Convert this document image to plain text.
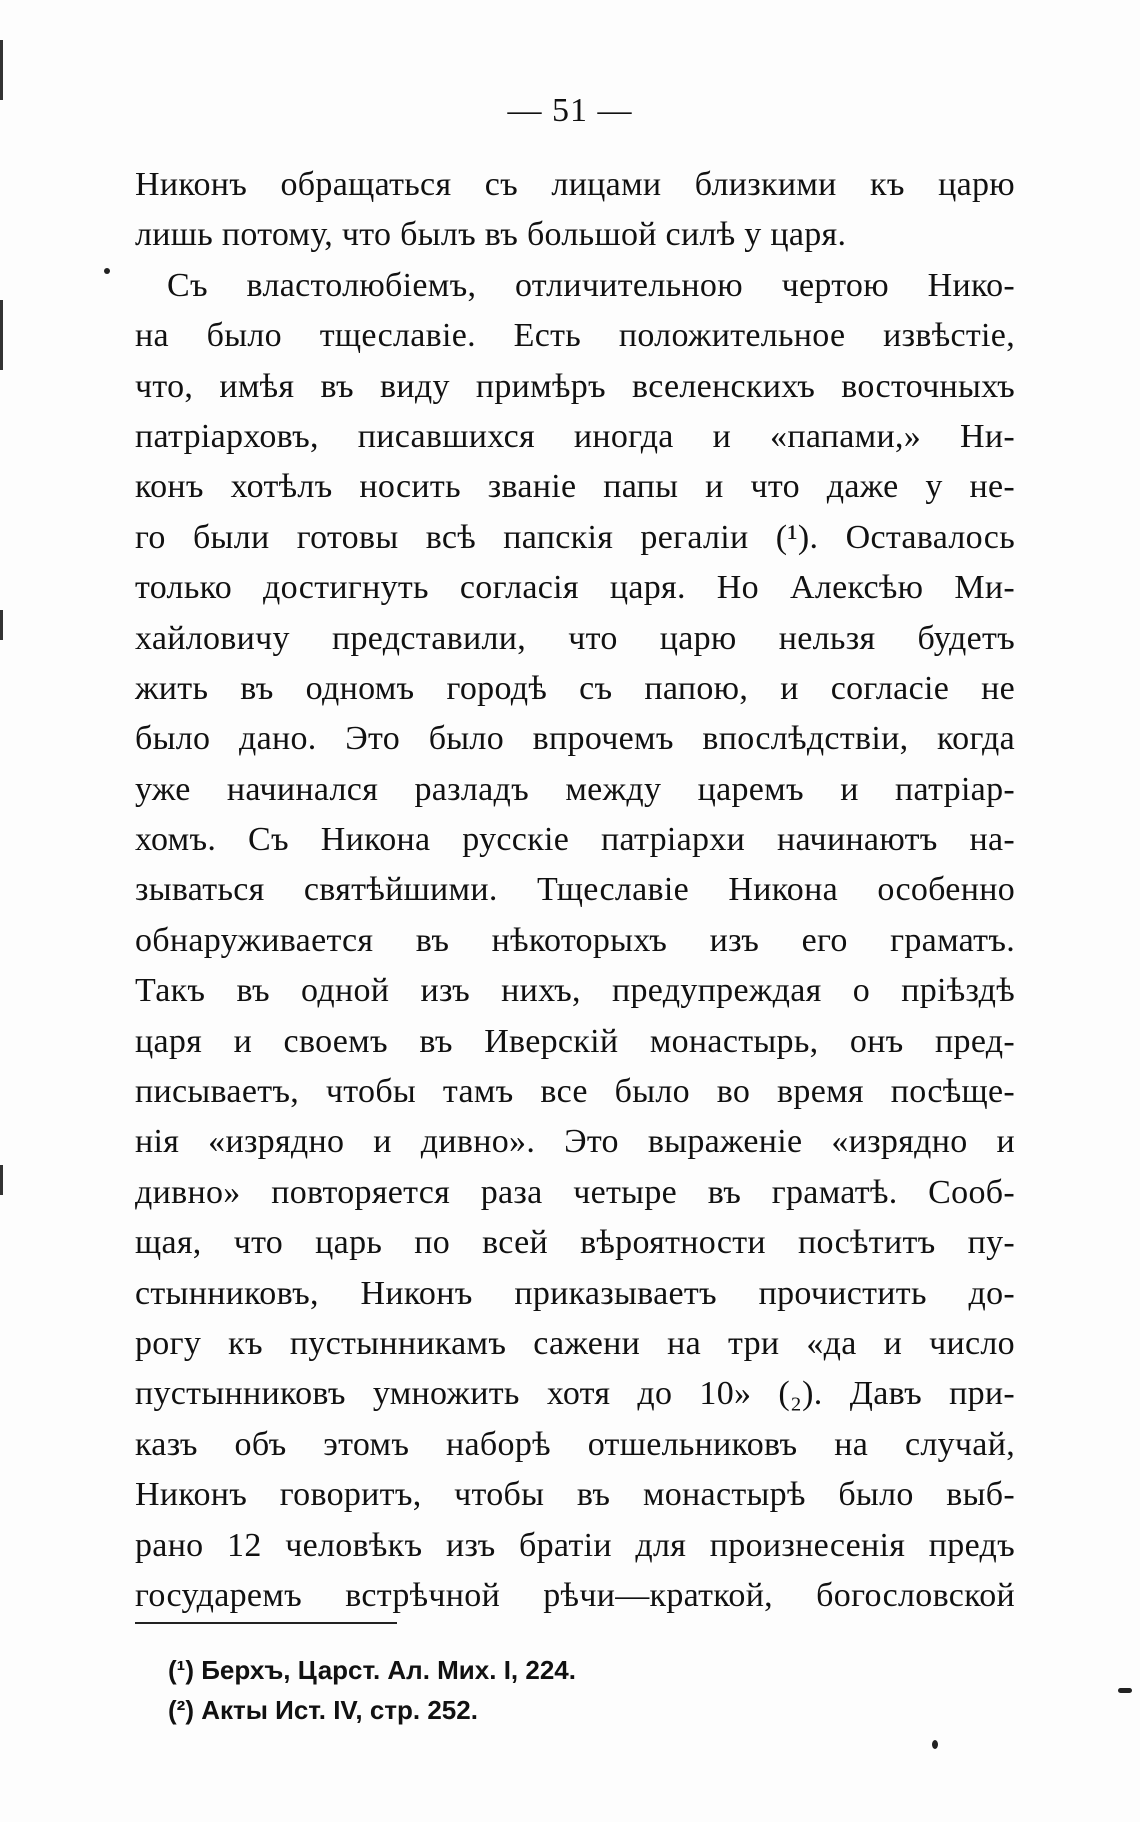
— 51 —
Никонъ обращаться съ лицами близкими къ царю
лишь потому, что былъ въ большой силѣ у царя.
Съ властолюбіемъ, отличительною чертою Нико-
на было тщеславіе. Есть положительное извѣстіе,
что, имѣя въ виду примѣръ вселенскихъ восточныхъ
патріарховъ, писавшихся иногда и «папами,» Ни-
конъ хотѣлъ носить званіе папы и что даже у не-
го были готовы всѣ папскія регаліи (¹). Оставалось
только достигнуть согласія царя. Но Алексѣю Ми-
хайловичу представили, что царю нельзя будетъ
жить въ одномъ городѣ съ папою, и согласіе не
было дано. Это было впрочемъ впослѣдствіи, когда
уже начинался разладъ между царемъ и патріар-
хомъ. Съ Никона русскіе патріархи начинаютъ на-
зываться святѣйшими. Тщеславіе Никона особенно
обнаруживается въ нѣкоторыхъ изъ его граматъ.
Такъ въ одной изъ нихъ, предупреждая о пріѣздѣ
царя и своемъ въ Иверскій монастырь, онъ пред-
писываетъ, чтобы тамъ все было во время посѣще-
нія «изрядно и дивно». Это выраженіе «изрядно и
дивно» повторяется раза четыре въ граматѣ. Сооб-
щая, что царь по всей вѣроятности посѣтитъ пу-
стынниковъ, Никонъ приказываетъ прочистить до-
рогу къ пустынникамъ сажени на три «да и число
пустынниковъ умножить хотя до 10» (₂). Давъ при-
казъ объ этомъ наборѣ отшельниковъ на случай,
Никонъ говоритъ, чтобы въ монастырѣ было выб-
рано 12 человѣкъ изъ братіи для произнесенія предъ
государемъ встрѣчной рѣчи—краткой, богословской
(¹) Берхъ, Царст. Ал. Мих. I, 224.
(²) Акты Ист. IV, стр. 252.
